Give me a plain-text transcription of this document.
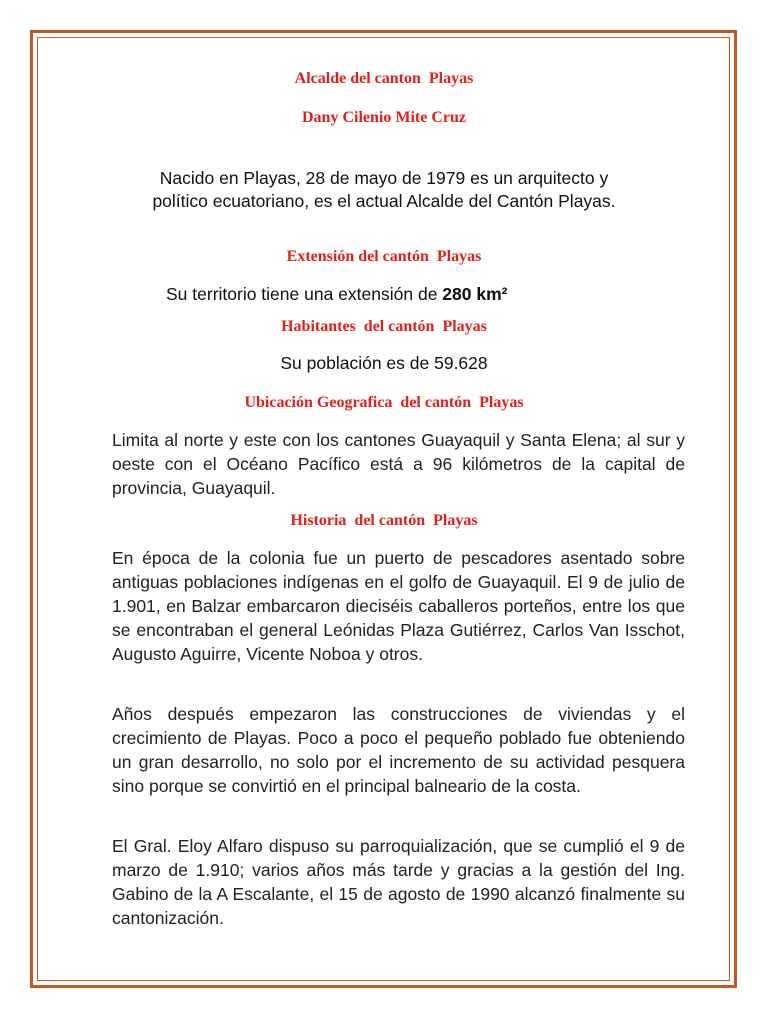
Alcalde del canton  Playas
Dany Cilenio Mite Cruz

Nacido en Playas, 28 de mayo de 1979 es un arquitecto y
político ecuatoriano, es el actual Alcalde del Cantón Playas.

Extensión del cantón  Playas

Su territorio tiene una extensión de 280 km²

Habitantes  del cantón  Playas

Su población es de 59.628

Ubicación Geografica  del cantón  Playas

Limita al norte y este con los cantones Guayaquil y Santa Elena; al sur y oeste con el Océano Pacífico está a 96 kilómetros de la capital de provincia, Guayaquil.

Historia  del cantón  Playas

En época de la colonia fue un puerto de pescadores asentado sobre antiguas poblaciones indígenas en el golfo de Guayaquil. El 9 de julio de 1.901, en Balzar embarcaron dieciséis caballeros porteños, entre los que se encontraban el general Leónidas Plaza Gutiérrez, Carlos Van Isschot, Augusto Aguirre, Vicente Noboa y otros.

Años después empezaron las construcciones de viviendas y el crecimiento de Playas. Poco a poco el pequeño poblado fue obteniendo un gran desarrollo, no solo por el incremento de su actividad pesquera sino porque se convirtió en el principal balneario de la costa.

El Gral. Eloy Alfaro dispuso su parroquialización, que se cumplió el 9 de marzo de 1.910; varios años más tarde y gracias a la gestión del Ing. Gabino de la A Escalante, el 15 de agosto de 1990 alcanzó finalmente su cantonización.
